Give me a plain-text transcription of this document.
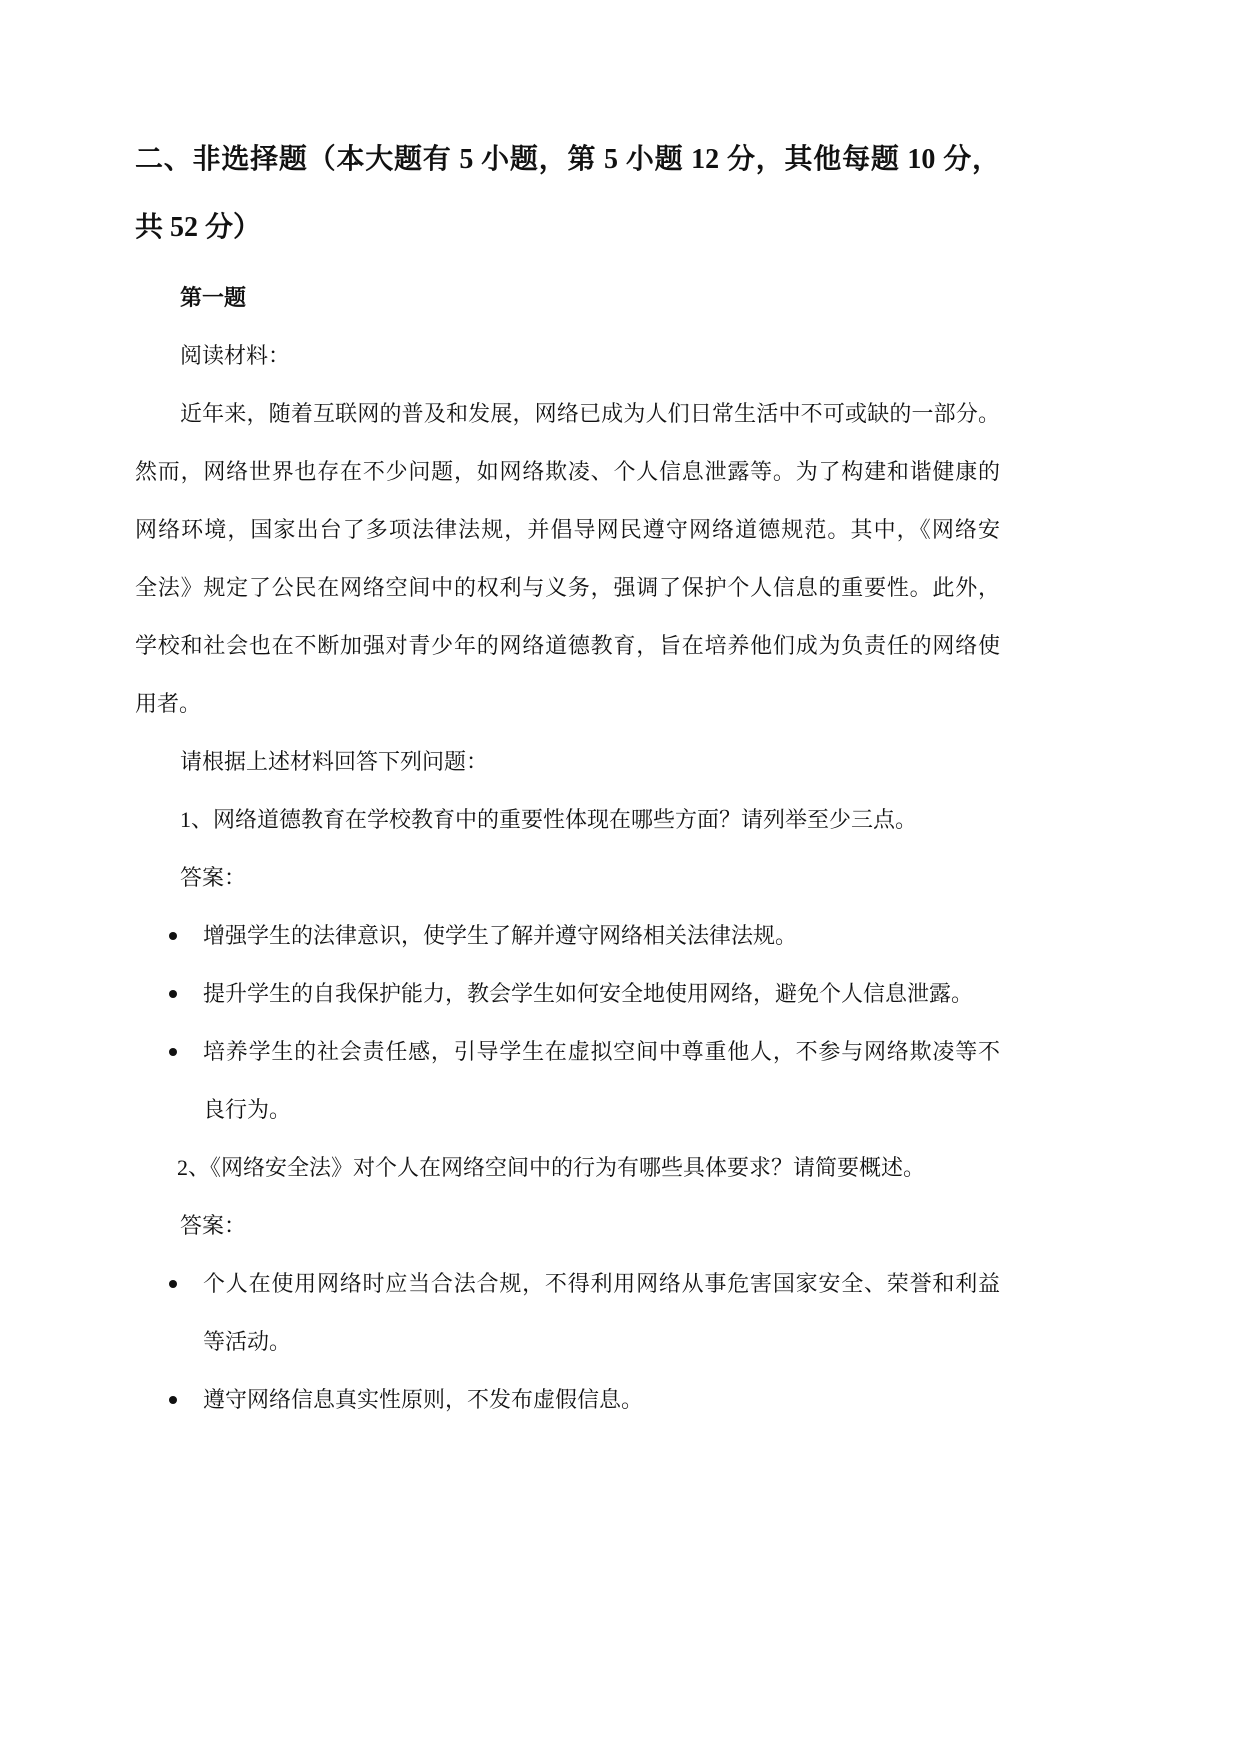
二、非选择题（本大题有 5 小题，第 5 小题 12 分，其他每题 10 分，
共 52 分）
第一题
阅读材料：
近年来，随着互联网的普及和发展，网络已成为人们日常生活中不可或缺的一部分。
然而，网络世界也存在不少问题，如网络欺凌、个人信息泄露等。为了构建和谐健康的
网络环境，国家出台了多项法律法规，并倡导网民遵守网络道德规范。其中，《网络安
全法》规定了公民在网络空间中的权利与义务，强调了保护个人信息的重要性。此外，
学校和社会也在不断加强对青少年的网络道德教育，旨在培养他们成为负责任的网络使
用者。
请根据上述材料回答下列问题：
1、网络道德教育在学校教育中的重要性体现在哪些方面？请列举至少三点。
答案：
增强学生的法律意识，使学生了解并遵守网络相关法律法规。
提升学生的自我保护能力，教会学生如何安全地使用网络，避免个人信息泄露。
培养学生的社会责任感，引导学生在虚拟空间中尊重他人，不参与网络欺凌等不
良行为。
2、《网络安全法》对个人在网络空间中的行为有哪些具体要求？请简要概述。
答案：
个人在使用网络时应当合法合规，不得利用网络从事危害国家安全、荣誉和利益
等活动。
遵守网络信息真实性原则，不发布虚假信息。
